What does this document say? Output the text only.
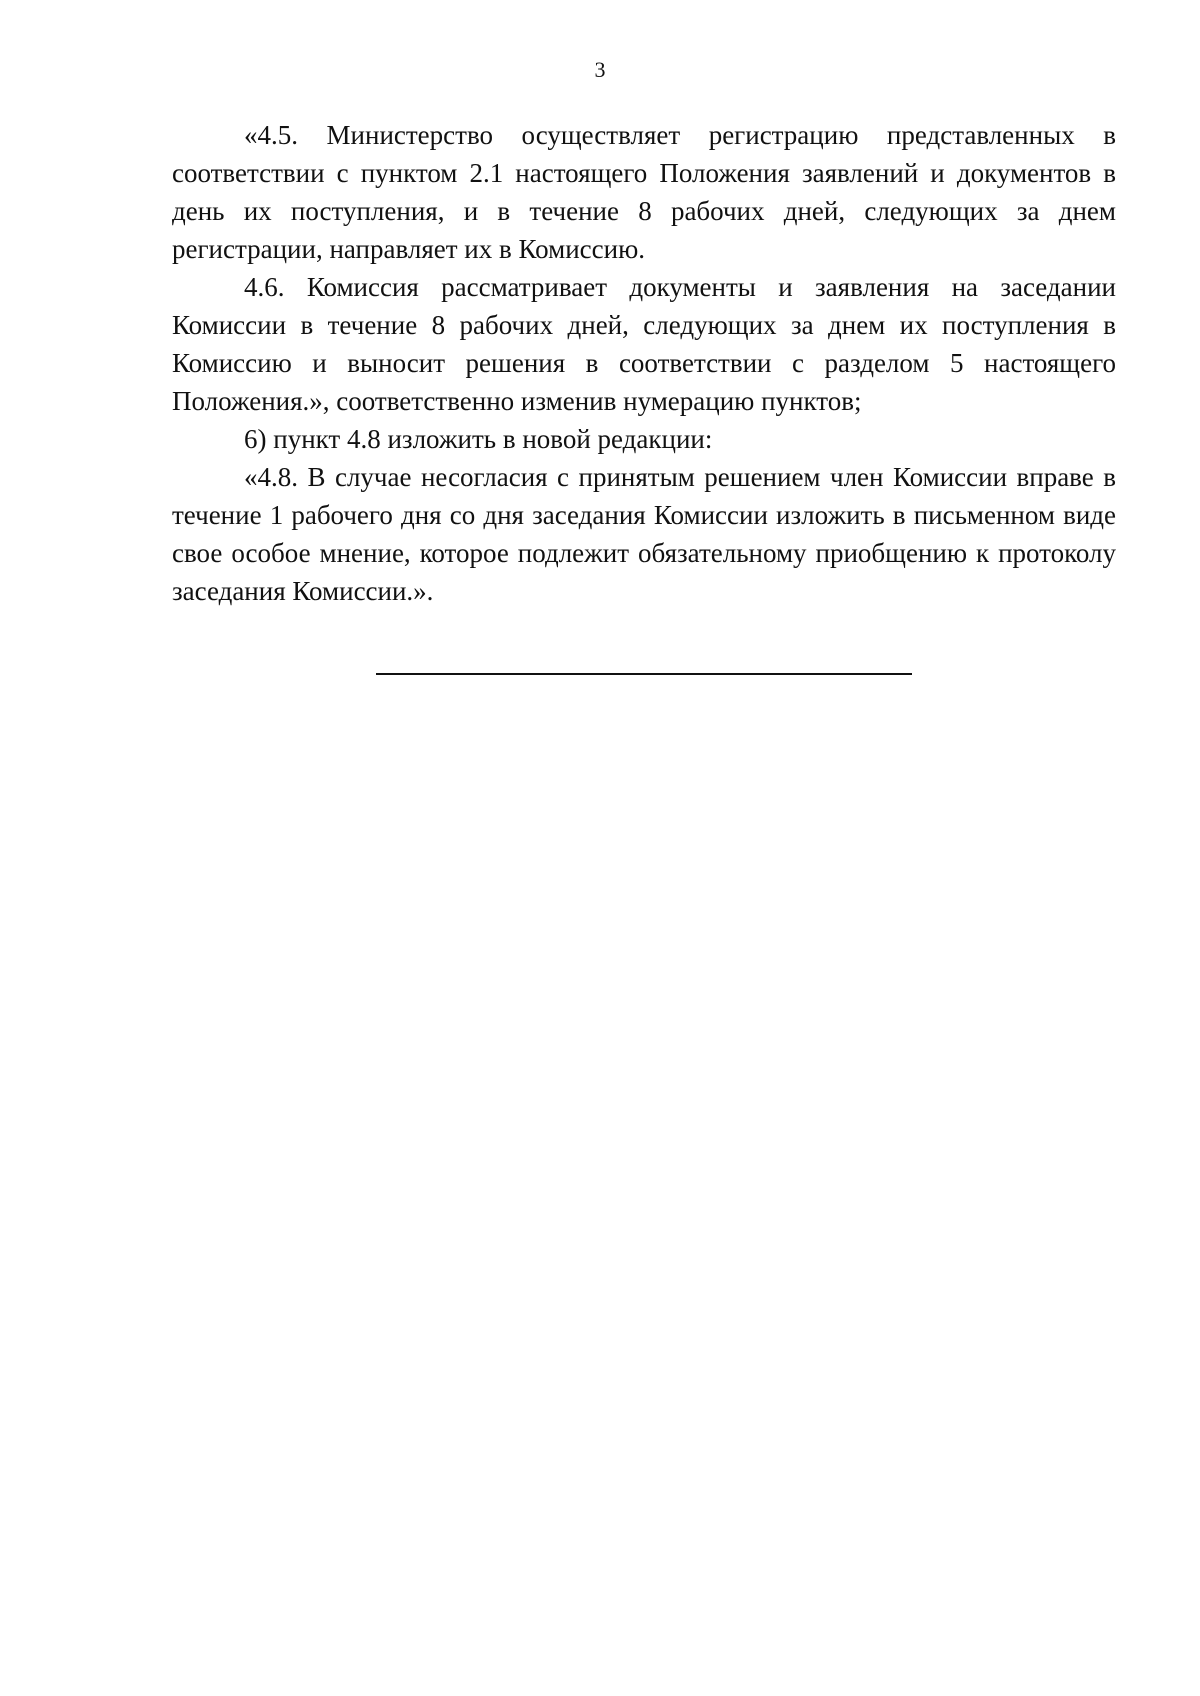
3

«4.5. Министерство осуществляет регистрацию представленных в соответствии с пунктом 2.1 настоящего Положения заявлений и документов в день их поступления, и в течение 8 рабочих дней, следующих за днем регистрации, направляет их в Комиссию.

4.6. Комиссия рассматривает документы и заявления на заседании Комиссии в течение 8 рабочих дней, следующих за днем их поступления в Комиссию и выносит решения в соответствии с разделом 5 настоящего Положения.», соответственно изменив нумерацию пунктов;

6) пункт 4.8 изложить в новой редакции:

«4.8. В случае несогласия с принятым решением член Комиссии вправе в течение 1 рабочего дня со дня заседания Комиссии изложить в письменном виде свое особое мнение, которое подлежит обязательному приобщению к протоколу заседания Комиссии.».
